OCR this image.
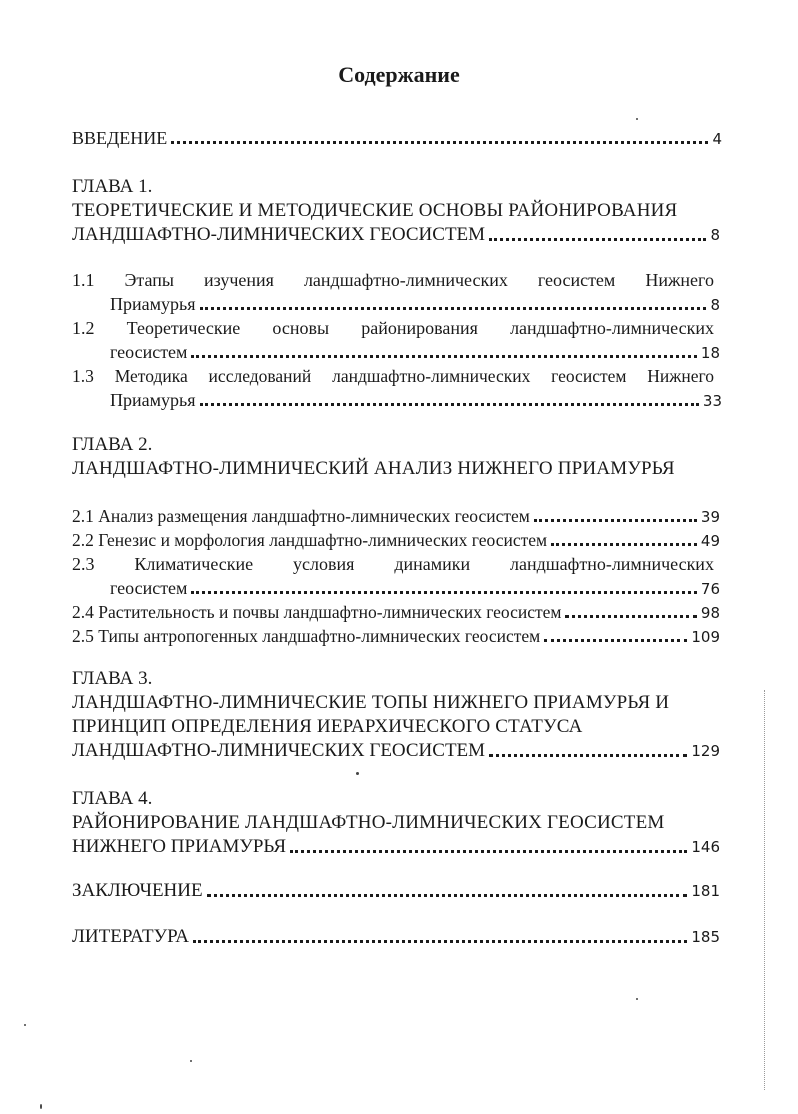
Содержание
ВВЕДЕНИЕ	4
ГЛАВА 1.
ТЕОРЕТИЧЕСКИЕ И МЕТОДИЧЕСКИЕ ОСНОВЫ РАЙОНИРОВАНИЯ
ЛАНДШАФТНО-ЛИМНИЧЕСКИХ ГЕОСИСТЕМ	8
1.1 Этапы изучения ландшафтно-лимнических геосистем Нижнего
Приамурья	8
1.2 Теоретические основы районирования ландшафтно-лимнических
геосистем	18
1.3 Методика исследований ландшафтно-лимнических геосистем Нижнего
Приамурья	33
ГЛАВА 2.
ЛАНДШАФТНО-ЛИМНИЧЕСКИЙ АНАЛИЗ НИЖНЕГО ПРИАМУРЬЯ
2.1 Анализ размещения ландшафтно-лимнических геосистем	39
2.2 Генезис и морфология ландшафтно-лимнических геосистем	49
2.3 Климатические условия динамики ландшафтно-лимнических
геосистем	76
2.4 Растительность и почвы ландшафтно-лимнических геосистем	98
2.5 Типы антропогенных ландшафтно-лимнических геосистем	109
ГЛАВА 3.
ЛАНДШАФТНО-ЛИМНИЧЕСКИЕ ТОПЫ НИЖНЕГО ПРИАМУРЬЯ И
ПРИНЦИП ОПРЕДЕЛЕНИЯ ИЕРАРХИЧЕСКОГО СТАТУСА
ЛАНДШАФТНО-ЛИМНИЧЕСКИХ ГЕОСИСТЕМ	129
ГЛАВА 4.
РАЙОНИРОВАНИЕ ЛАНДШАФТНО-ЛИМНИЧЕСКИХ ГЕОСИСТЕМ
НИЖНЕГО ПРИАМУРЬЯ	146
ЗАКЛЮЧЕНИЕ	181
ЛИТЕРАТУРА	185
